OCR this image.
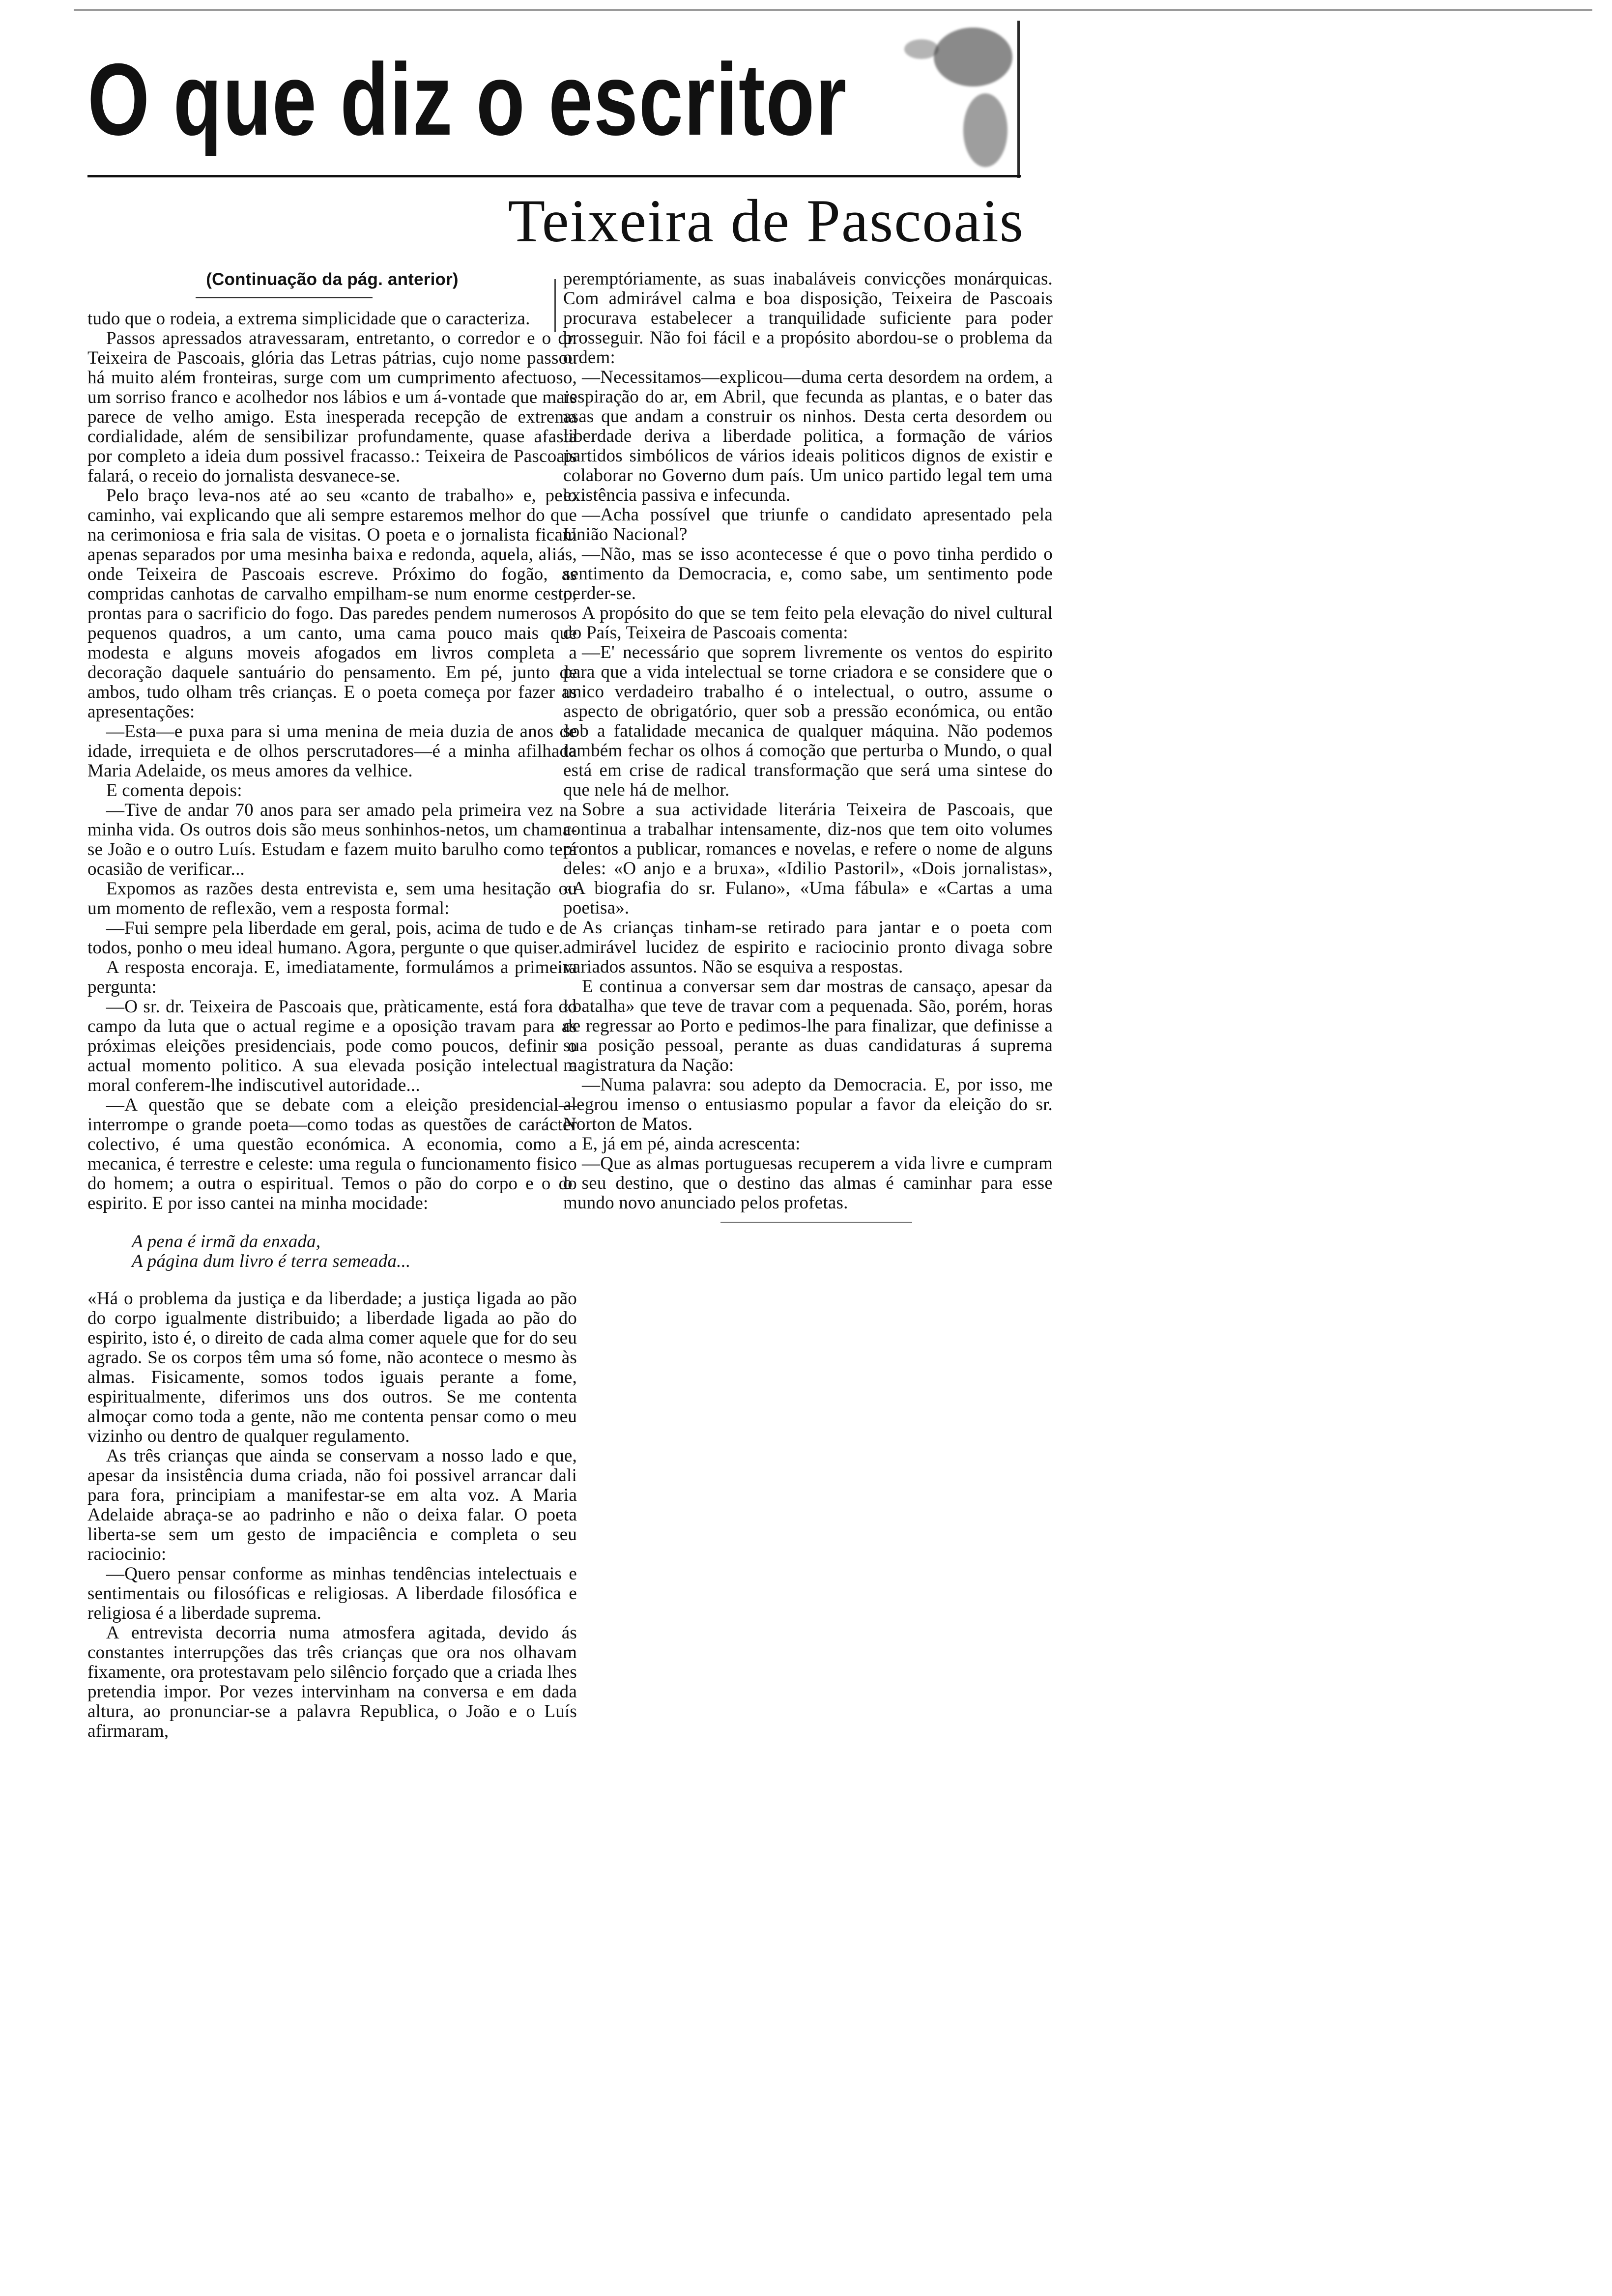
O que diz o escritor
Teixeira de Pascoais
(Continuação da pág. anterior)

tudo que o rodeia, a extrema simplicidade que o caracteriza.

Passos apressados atravessaram, entretanto, o corredor e o dr. Teixeira de Pascoais, glória das Letras pátrias, cujo nome passou há muito além fronteiras, surge com um cumprimento afectuoso, um sorriso franco e acolhedor nos lábios e um á-vontade que mais parece de velho amigo. Esta inesperada recepção de extrema cordialidade, além de sensibilizar profundamente, quase afasta por completo a ideia dum possivel fracasso.: Teixeira de Pascoais falará, o receio do jornalista desvanece-se.

Pelo braço leva-nos até ao seu «canto de trabalho» e, pelo caminho, vai explicando que ali sempre estaremos melhor do que na cerimoniosa e fria sala de visitas. O poeta e o jornalista ficam apenas separados por uma mesinha baixa e redonda, aquela, aliás, onde Teixeira de Pascoais escreve. Próximo do fogão, as compridas canhotas de carvalho empilham-se num enorme cesto, prontas para o sacrificio do fogo. Das paredes pendem numerosos pequenos quadros, a um canto, uma cama pouco mais que modesta e alguns moveis afogados em livros completa a decoração daquele santuário do pensamento. Em pé, junto de ambos, tudo olham três crianças. E o poeta começa por fazer as apresentações:

—Esta—e puxa para si uma menina de meia duzia de anos de idade, irrequieta e de olhos perscrutadores—é a minha afilhada Maria Adelaide, os meus amores da velhice.

E comenta depois:

—Tive de andar 70 anos para ser amado pela primeira vez na minha vida. Os outros dois são meus sonhinhos-netos, um chama-se João e o outro Luís. Estudam e fazem muito barulho como terá ocasião de verificar...

Expomos as razões desta entrevista e, sem uma hesitação ou um momento de reflexão, vem a resposta formal:

—Fui sempre pela liberdade em geral, pois, acima de tudo e de todos, ponho o meu ideal humano. Agora, pergunte o que quiser.

A resposta encoraja. E, imediatamente, formulámos a primeira pergunta:

—O sr. dr. Teixeira de Pascoais que, pràticamente, está fora do campo da luta que o actual regime e a oposição travam para as próximas eleições presidenciais, pode como poucos, definir o actual momento politico. A sua elevada posição intelectual e moral conferem-lhe indiscutivel autoridade...

—A questão que se debate com a eleição presidencial—interrompe o grande poeta—como todas as questões de carácter colectivo, é uma questão económica. A economia, como a mecanica, é terrestre e celeste: uma regula o funcionamento fisico do homem; a outra o espiritual. Temos o pão do corpo e o do espirito. E por isso cantei na minha mocidade:

A pena é irmã da enxada,
A página dum livro é terra semeada...

«Há o problema da justiça e da liberdade; a justiça ligada ao pão do corpo igualmente distribuido; a liberdade ligada ao pão do espirito, isto é, o direito de cada alma comer aquele que for do seu agrado. Se os corpos têm uma só fome, não acontece o mesmo às almas. Fisicamente, somos todos iguais perante a fome, espiritualmente, diferimos uns dos outros. Se me contenta almoçar como toda a gente, não me contenta pensar como o meu vizinho ou dentro de qualquer regulamento.

As três crianças que ainda se conservam a nosso lado e que, apesar da insistência duma criada, não foi possivel arrancar dali para fora, principiam a manifestar-se em alta voz. A Maria Adelaide abraça-se ao padrinho e não o deixa falar. O poeta liberta-se sem um gesto de impaciência e completa o seu raciocinio:

—Quero pensar conforme as minhas tendências intelectuais e sentimentais ou filosóficas e religiosas. A liberdade filosófica e religiosa é a liberdade suprema.

A entrevista decorria numa atmosfera agitada, devido ás constantes interrupções das três crianças que ora nos olhavam fixamente, ora protestavam pelo silêncio forçado que a criada lhes pretendia impor. Por vezes intervinham na conversa e em dada altura, ao pronunciar-se a palavra Republica, o João e o Luís afirmaram,

peremptóriamente, as suas inabaláveis convicções monárquicas. Com admirável calma e boa disposição, Teixeira de Pascoais procurava estabelecer a tranquilidade suficiente para poder prosseguir. Não foi fácil e a propósito abordou-se o problema da ordem:

—Necessitamos—explicou—duma certa desordem na ordem, a respiração do ar, em Abril, que fecunda as plantas, e o bater das asas que andam a construir os ninhos. Desta certa desordem ou liberdade deriva a liberdade politica, a formação de vários partidos simbólicos de vários ideais politicos dignos de existir e colaborar no Governo dum país. Um unico partido legal tem uma existência passiva e infecunda.

—Acha possível que triunfe o candidato apresentado pela União Nacional?

—Não, mas se isso acontecesse é que o povo tinha perdido o sentimento da Democracia, e, como sabe, um sentimento pode perder-se.

A propósito do que se tem feito pela elevação do nivel cultural do País, Teixeira de Pascoais comenta:

—E' necessário que soprem livremente os ventos do espirito para que a vida intelectual se torne criadora e se considere que o unico verdadeiro trabalho é o intelectual, o outro, assume o aspecto de obrigatório, quer sob a pressão económica, ou então sob a fatalidade mecanica de qualquer máquina. Não podemos também fechar os olhos á comoção que perturba o Mundo, o qual está em crise de radical transformação que será uma sintese do que nele há de melhor.

Sobre a sua actividade literária Teixeira de Pascoais, que continua a trabalhar intensamente, diz-nos que tem oito volumes prontos a publicar, romances e novelas, e refere o nome de alguns deles: «O anjo e a bruxa», «Idilio Pastoril», «Dois jornalistas», «A biografia do sr. Fulano», «Uma fábula» e «Cartas a uma poetisa».

As crianças tinham-se retirado para jantar e o poeta com admirável lucidez de espirito e raciocinio pronto divaga sobre variados assuntos. Não se esquiva a respostas.

E continua a conversar sem dar mostras de cansaço, apesar da «batalha» que teve de travar com a pequenada. São, porém, horas de regressar ao Porto e pedimos-lhe para finalizar, que definisse a sua posição pessoal, perante as duas candidaturas á suprema magistratura da Nação:

—Numa palavra: sou adepto da Democracia. E, por isso, me alegrou imenso o entusiasmo popular a favor da eleição do sr. Norton de Matos.

E, já em pé, ainda acrescenta:

—Que as almas portuguesas recuperem a vida livre e cumpram o seu destino, que o destino das almas é caminhar para esse mundo novo anunciado pelos profetas.
